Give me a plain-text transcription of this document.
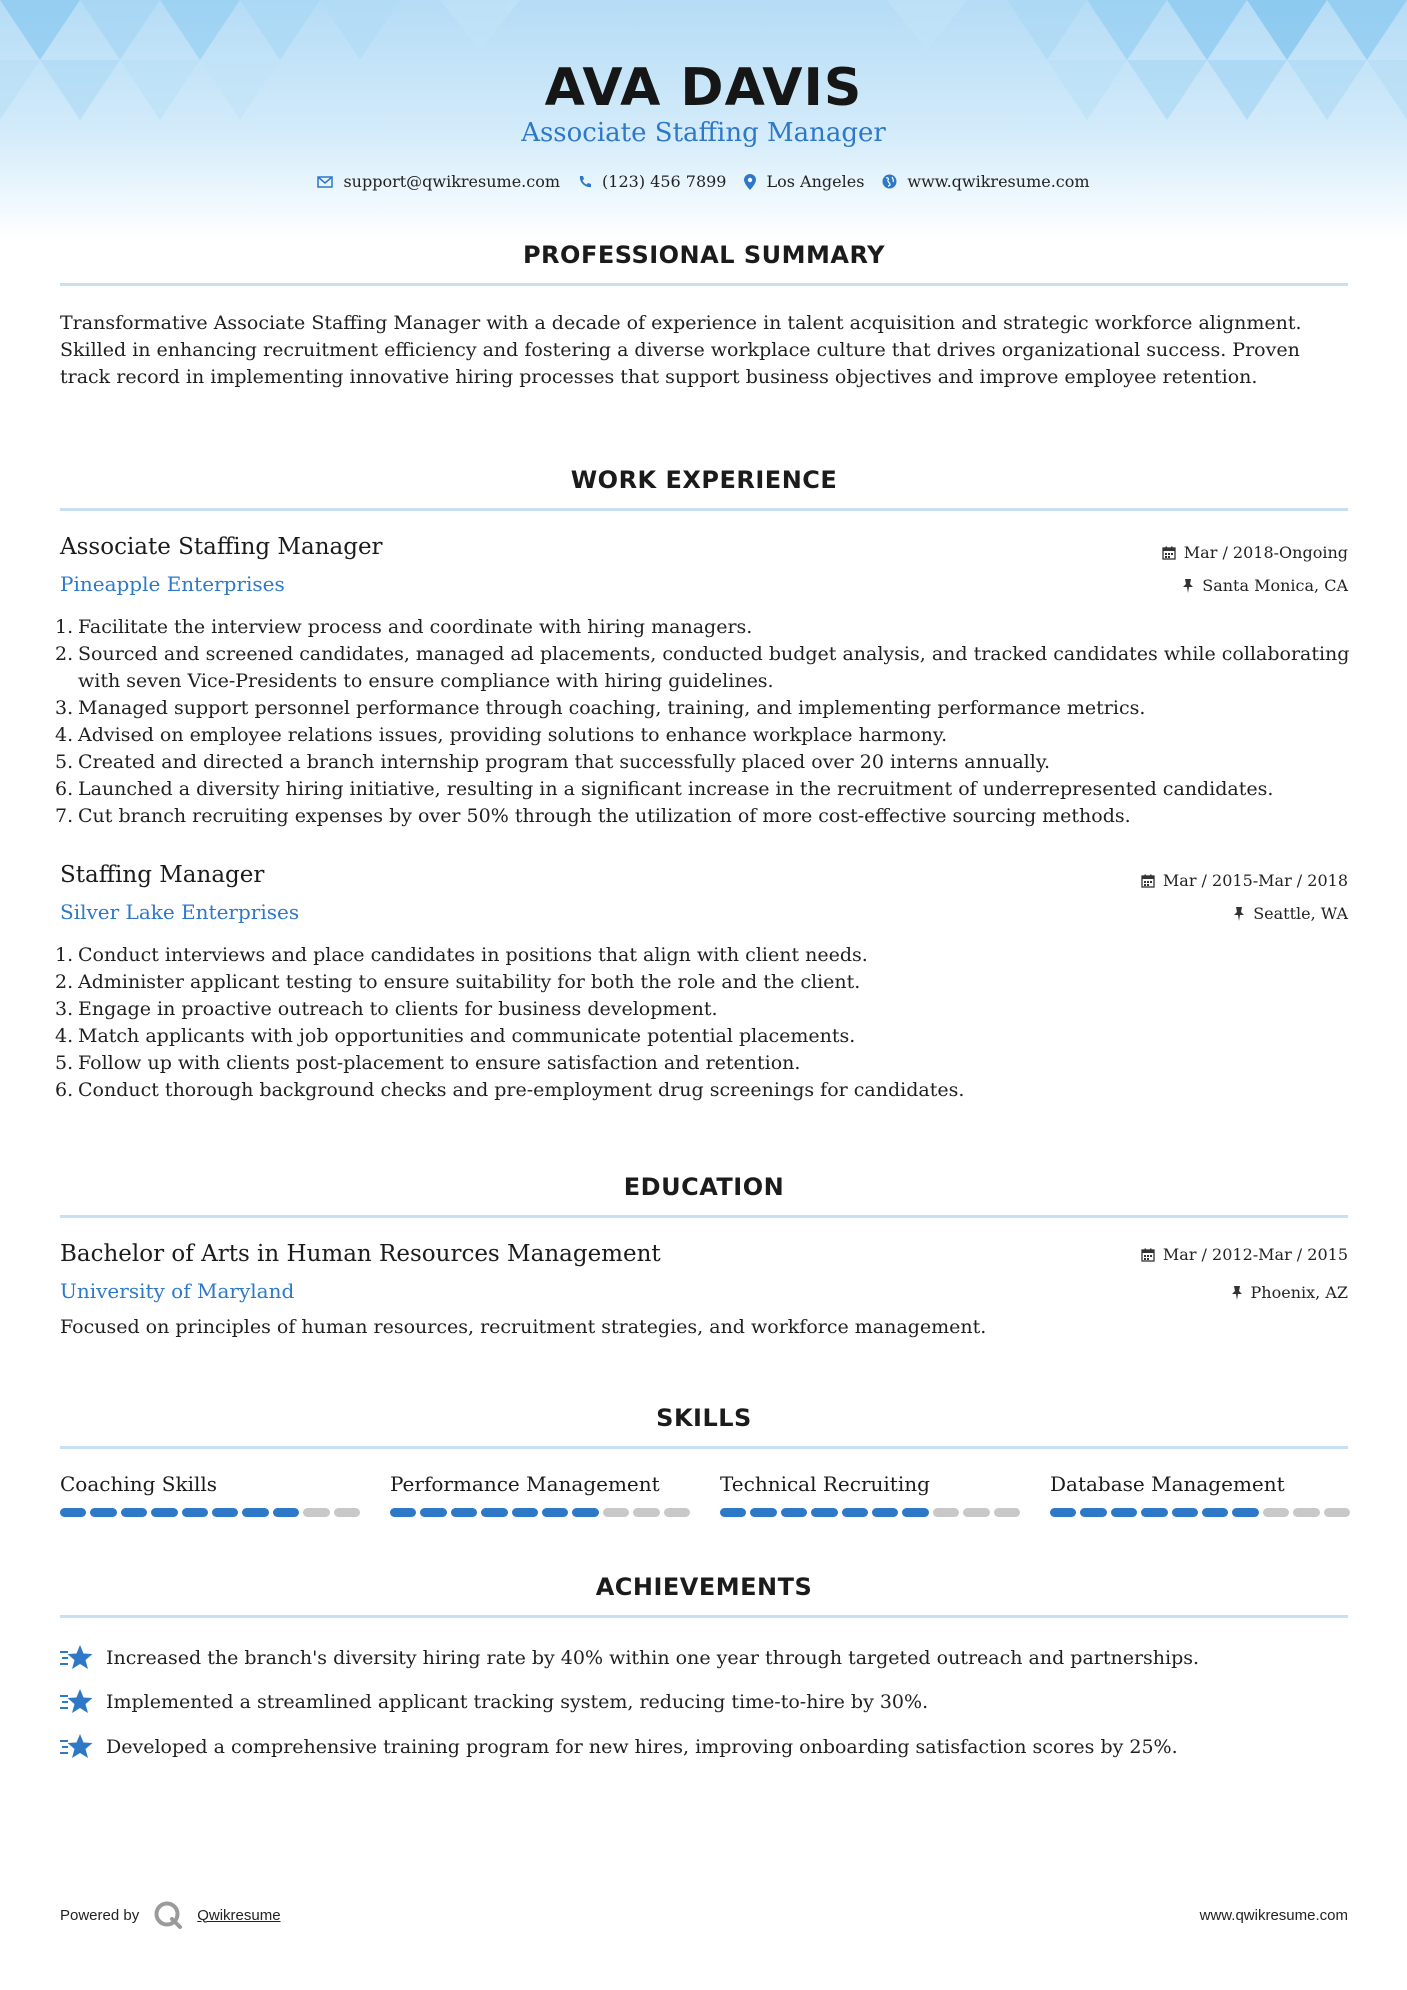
AVA DAVIS
Associate Staffing Manager
support@qwikresume.com	(123) 456 7899	Los Angeles	www.qwikresume.com
PROFESSIONAL SUMMARY
Transformative Associate Staffing Manager with a decade of experience in talent acquisition and strategic workforce alignment. Skilled in enhancing recruitment efficiency and fostering a diverse workplace culture that drives organizational success. Proven track record in implementing innovative hiring processes that support business objectives and improve employee retention.
WORK EXPERIENCE
Associate Staffing Manager	Mar / 2018-Ongoing
Pineapple Enterprises	Santa Monica, CA
1. Facilitate the interview process and coordinate with hiring managers.
2. Sourced and screened candidates, managed ad placements, conducted budget analysis, and tracked candidates while collaborating with seven Vice-Presidents to ensure compliance with hiring guidelines.
3. Managed support personnel performance through coaching, training, and implementing performance metrics.
4. Advised on employee relations issues, providing solutions to enhance workplace harmony.
5. Created and directed a branch internship program that successfully placed over 20 interns annually.
6. Launched a diversity hiring initiative, resulting in a significant increase in the recruitment of underrepresented candidates.
7. Cut branch recruiting expenses by over 50% through the utilization of more cost-effective sourcing methods.
Staffing Manager	Mar / 2015-Mar / 2018
Silver Lake Enterprises	Seattle, WA
1. Conduct interviews and place candidates in positions that align with client needs.
2. Administer applicant testing to ensure suitability for both the role and the client.
3. Engage in proactive outreach to clients for business development.
4. Match applicants with job opportunities and communicate potential placements.
5. Follow up with clients post-placement to ensure satisfaction and retention.
6. Conduct thorough background checks and pre-employment drug screenings for candidates.
EDUCATION
Bachelor of Arts in Human Resources Management	Mar / 2012-Mar / 2015
University of Maryland	Phoenix, AZ
Focused on principles of human resources, recruitment strategies, and workforce management.
SKILLS
Coaching Skills	Performance Management	Technical Recruiting	Database Management
ACHIEVEMENTS
Increased the branch's diversity hiring rate by 40% within one year through targeted outreach and partnerships.
Implemented a streamlined applicant tracking system, reducing time-to-hire by 30%.
Developed a comprehensive training program for new hires, improving onboarding satisfaction scores by 25%.
Powered by	Qwikresume	www.qwikresume.com
